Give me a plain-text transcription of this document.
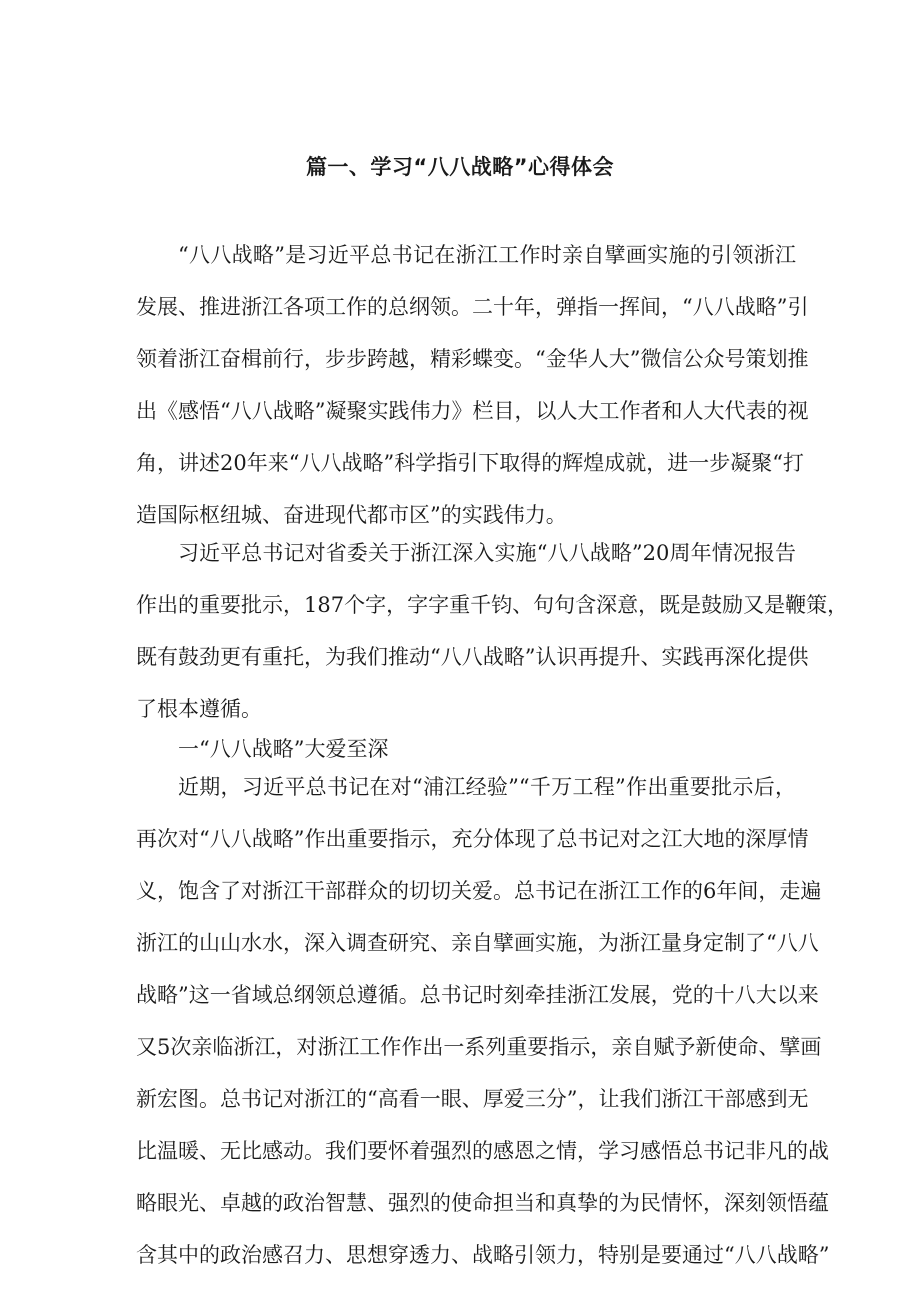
篇一、学习“八八战略”心得体会

“八八战略”是习近平总书记在浙江工作时亲自擘画实施的引领浙江

发展、推进浙江各项工作的总纲领。二十年，弹指一挥间，“八八战略”引

领着浙江奋楫前行，步步跨越，精彩蝶变。“金华人大”微信公众号策划推

出《感悟“八八战略”凝聚实践伟力》栏目，以人大工作者和人大代表的视

角，讲述20年来“八八战略”科学指引下取得的辉煌成就，进一步凝聚“打

造国际枢纽城、奋进现代都市区”的实践伟力。

习近平总书记对省委关于浙江深入实施“八八战略”20周年情况报告

作出的重要批示，187个字，字字重千钧、句句含深意，既是鼓励又是鞭策，

既有鼓劲更有重托，为我们推动“八八战略”认识再提升、实践再深化提供

了根本遵循。

一“八八战略”大爱至深

近期，习近平总书记在对“浦江经验”“千万工程”作出重要批示后，

再次对“八八战略”作出重要指示，充分体现了总书记对之江大地的深厚情

义，饱含了对浙江干部群众的切切关爱。总书记在浙江工作的6年间，走遍

浙江的山山水水，深入调查研究、亲自擘画实施，为浙江量身定制了“八八

战略”这一省域总纲领总遵循。总书记时刻牵挂浙江发展，党的十八大以来

又5次亲临浙江，对浙江工作作出一系列重要指示，亲自赋予新使命、擘画

新宏图。总书记对浙江的“高看一眼、厚爱三分”，让我们浙江干部感到无

比温暖、无比感动。我们要怀着强烈的感恩之情，学习感悟总书记非凡的战

略眼光、卓越的政治智慧、强烈的使命担当和真挚的为民情怀，深刻领悟蕴

含其中的政治感召力、思想穿透力、战略引领力，特别是要通过“八八战略”
